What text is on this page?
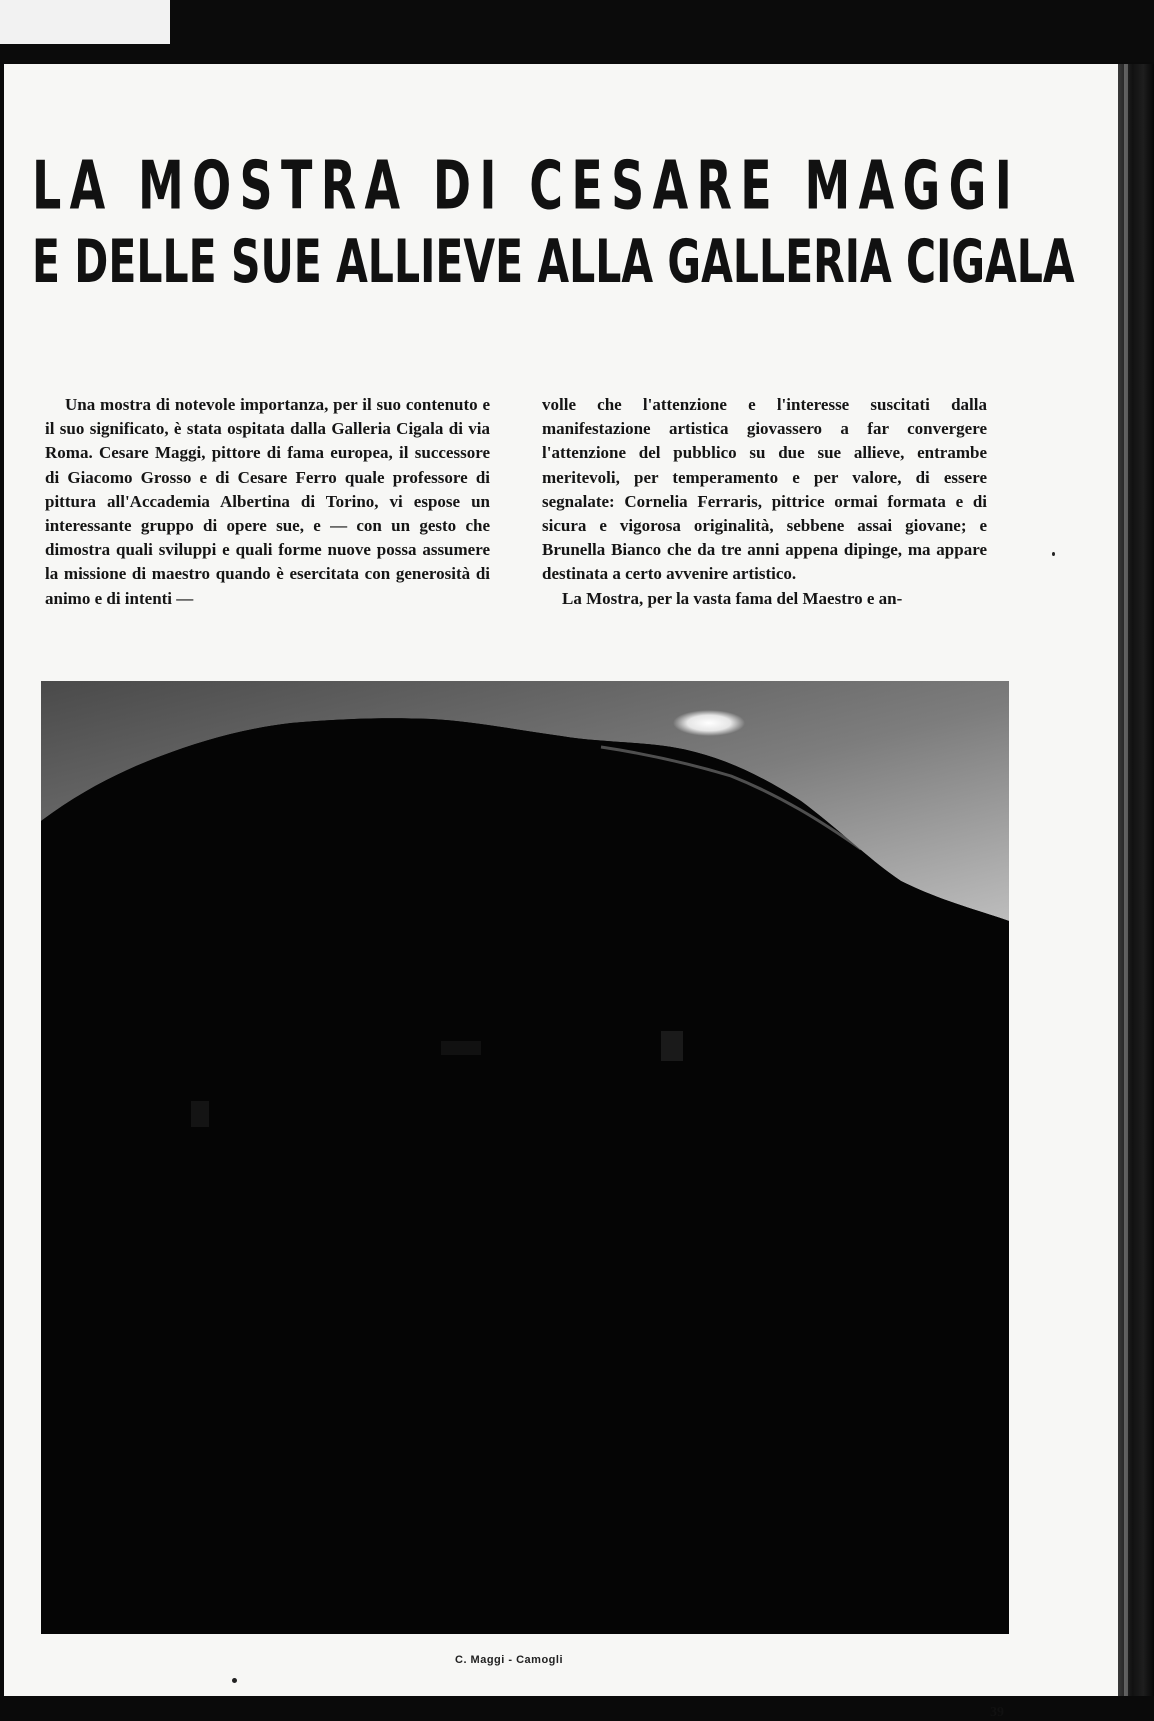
L A
M O S T R A
D I
C E S A R E
M A G G I
E
D E L L E
S U E
A L L I E V E
A L L A
G A L L E R I A
C I G A L A

Una mostra di notevole importanza, per il suo contenuto e il suo significato, è stata ospitata dalla Galleria Cigala di via Roma. Cesare Maggi, pittore di fama europea, il successore di Giacomo Grosso e di Cesare Ferro quale professore di pittura all'Accademia Albertina di Torino, vi espose un interessante gruppo di opere sue, e — con un gesto che dimostra quali sviluppi e quali forme nuove possa assumere la missione di maestro quando è esercitata con generosità di animo e di intenti —

volle che l'attenzione e l'interesse suscitati dalla manifestazione artistica giovassero a far convergere l'attenzione del pubblico su due sue allieve, entrambe meritevoli, per temperamento e per valore, di essere segnalate: Cornelia Ferraris, pittrice ormai formata e di sicura e vigorosa originalità, sebbene assai giovane; e Brunella Bianco che da tre anni appena dipinge, ma appare destinata a certo avvenire artistico.

La Mostra, per la vasta fama del Maestro e an-

C. Maggi - Camogli
39
